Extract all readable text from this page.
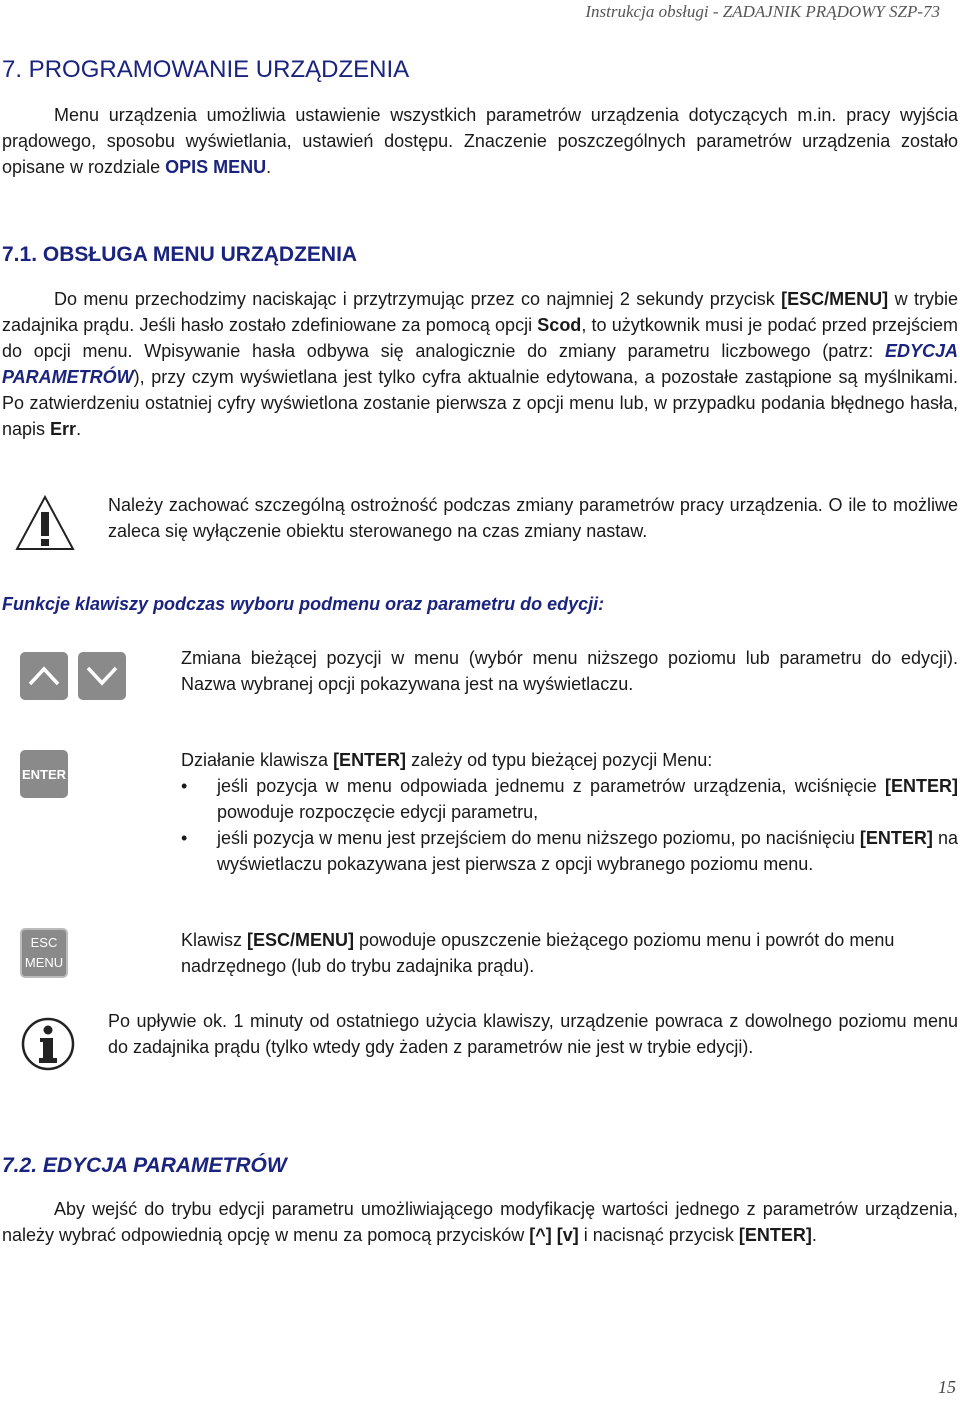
Instrukcja obsługi - ZADAJNIK PRĄDOWY SZP-73
7. PROGRAMOWANIE URZĄDZENIA

Menu urządzenia umożliwia ustawienie wszystkich parametrów urządzenia dotyczących m.in. pracy wyjścia prądowego, sposobu wyświetlania, ustawień dostępu. Znaczenie poszczególnych parametrów urządzenia zostało opisane w rozdziale OPIS MENU.

7.1. OBSŁUGA MENU URZĄDZENIA

Do menu przechodzimy naciskając i przytrzymując przez co najmniej 2 sekundy przycisk [ESC/MENU] w trybie zadajnika prądu. Jeśli hasło zostało zdefiniowane za pomocą opcji Scod, to użytkownik musi je podać przed przejściem do opcji menu. Wpisywanie hasła odbywa się analogicznie do zmiany parametru liczbowego (patrz: EDYCJA PARAMETRÓW), przy czym wyświetlana jest tylko cyfra aktualnie edytowana, a pozostałe zastąpione są myślnikami. Po zatwierdzeniu ostatniej cyfry wyświetlona zostanie pierwsza z opcji menu lub, w przypadku podania błędnego hasła, napis Err.

Należy zachować szczególną ostrożność podczas zmiany parametrów pracy urządzenia. O ile to możliwe zaleca się wyłączenie obiektu sterowanego na czas zmiany nastaw.

Funkcje klawiszy podczas wyboru podmenu oraz parametru do edycji:

Zmiana bieżącej pozycji w menu (wybór menu niższego poziomu lub parametru do edycji). Nazwa wybranej opcji pokazywana jest na wyświetlaczu.

ENTER
Działanie klawisza [ENTER] zależy od typu bieżącej pozycji Menu:
• jeśli pozycja w menu odpowiada jednemu z parametrów urządzenia, wciśnięcie [ENTER] powoduje rozpoczęcie edycji parametru,
• jeśli pozycja w menu jest przejściem do menu niższego poziomu, po naciśnięciu [ENTER] na wyświetlaczu pokazywana jest pierwsza z opcji wybranego poziomu menu.
ESC
MENU

Klawisz [ESC/MENU] powoduje opuszczenie bieżącego poziomu menu i powrót do menu nadrzędnego (lub do trybu zadajnika prądu).

Po upływie ok. 1 minuty od ostatniego użycia klawiszy, urządzenie powraca z dowolnego poziomu menu do zadajnika prądu (tylko wtedy gdy żaden z parametrów nie jest w trybie edycji).

7.2. EDYCJA PARAMETRÓW

Aby wejść do trybu edycji parametru umożliwiającego modyfikację wartości jednego z parametrów urządzenia, należy wybrać odpowiednią opcję w menu za pomocą przycisków [^] [v] i nacisnąć przycisk [ENTER].

15
